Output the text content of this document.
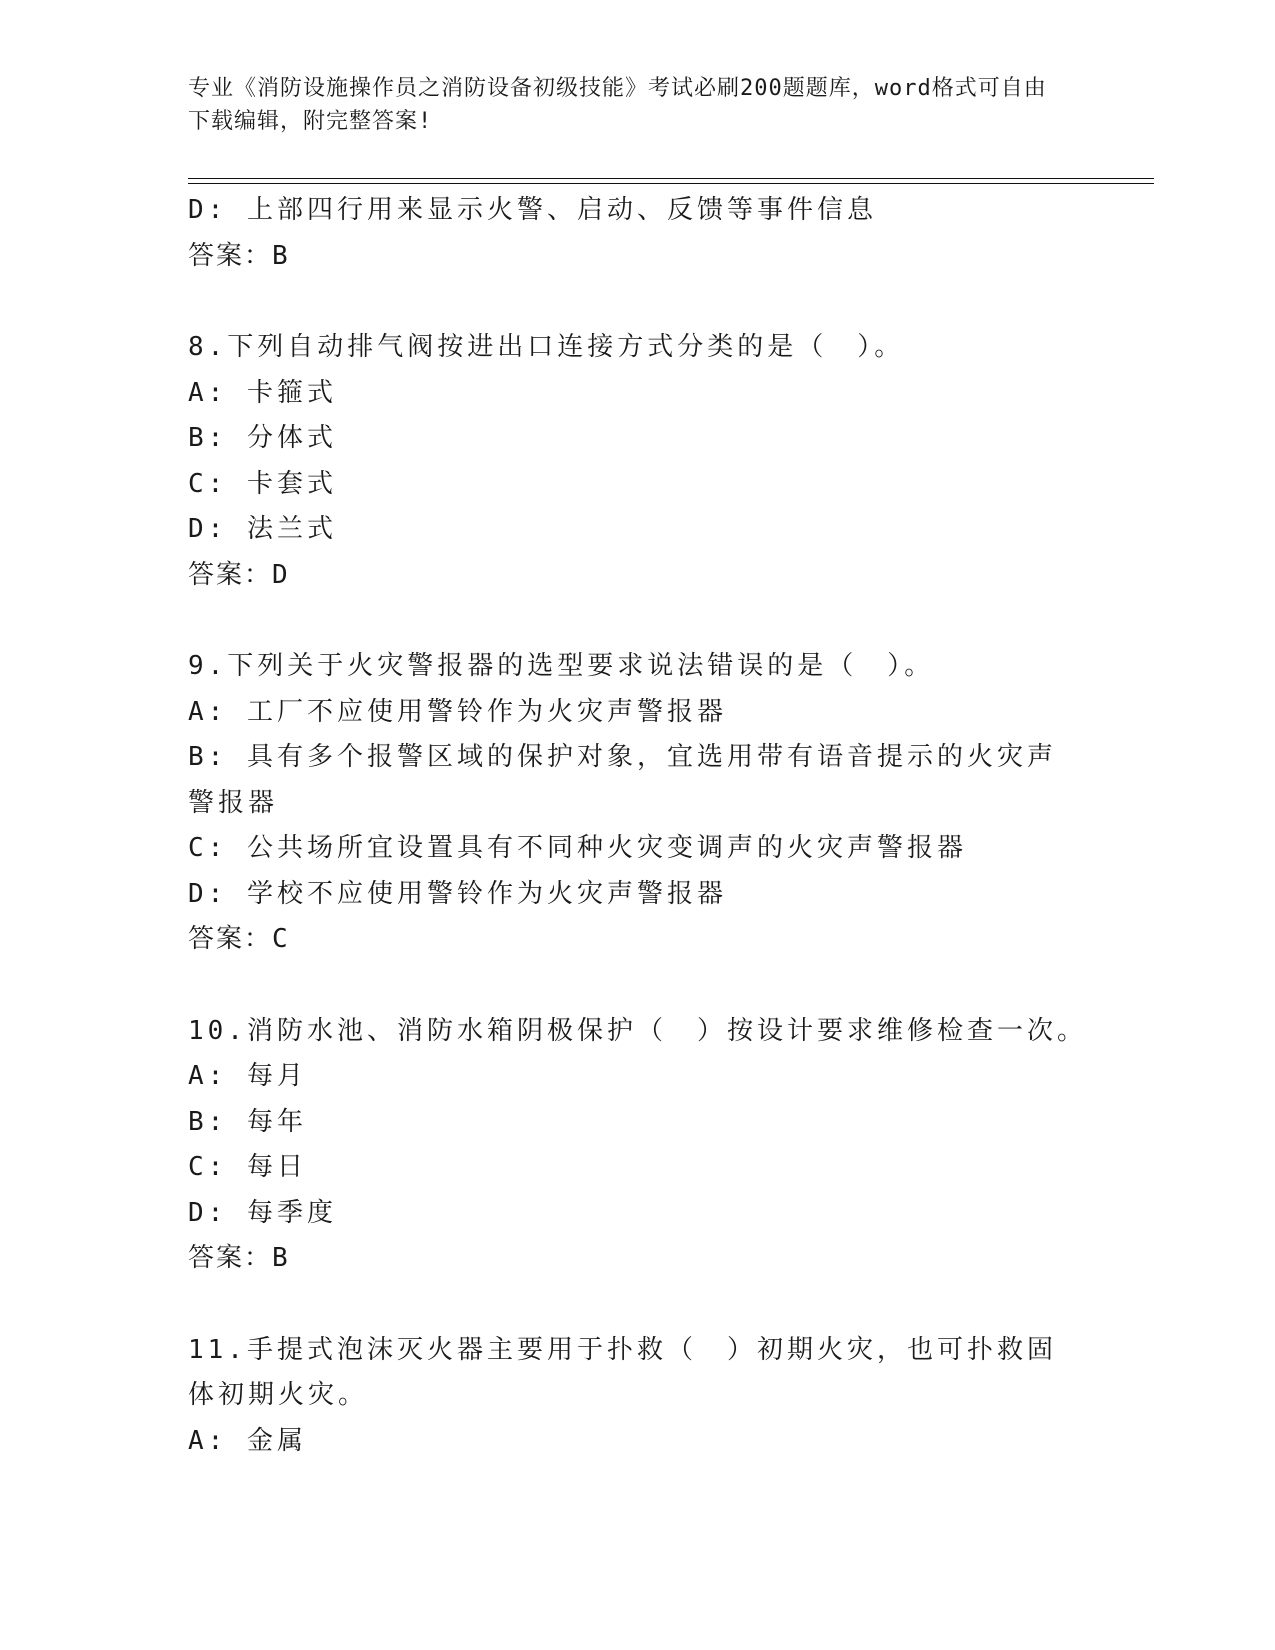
专业《消防设施操作员之消防设备初级技能》考试必刷200题题库，word格式可自由下载编辑，附完整答案!
D: 上部四行用来显示火警、启动、反馈等事件信息
答案：B
8.下列自动排气阀按进出口连接方式分类的是（　）。
A: 卡箍式
B: 分体式
C: 卡套式
D: 法兰式
答案：D
9.下列关于火灾警报器的选型要求说法错误的是（　）。
A: 工厂不应使用警铃作为火灾声警报器
B: 具有多个报警区域的保护对象，宜选用带有语音提示的火灾声警报器
C: 公共场所宜设置具有不同种火灾变调声的火灾声警报器
D: 学校不应使用警铃作为火灾声警报器
答案：C
10.消防水池、消防水箱阴极保护（　）按设计要求维修检查一次。
A: 每月
B: 每年
C: 每日
D: 每季度
答案：B
11.手提式泡沫灭火器主要用于扑救（　）初期火灾，也可扑救固体初期火灾。
A: 金属
